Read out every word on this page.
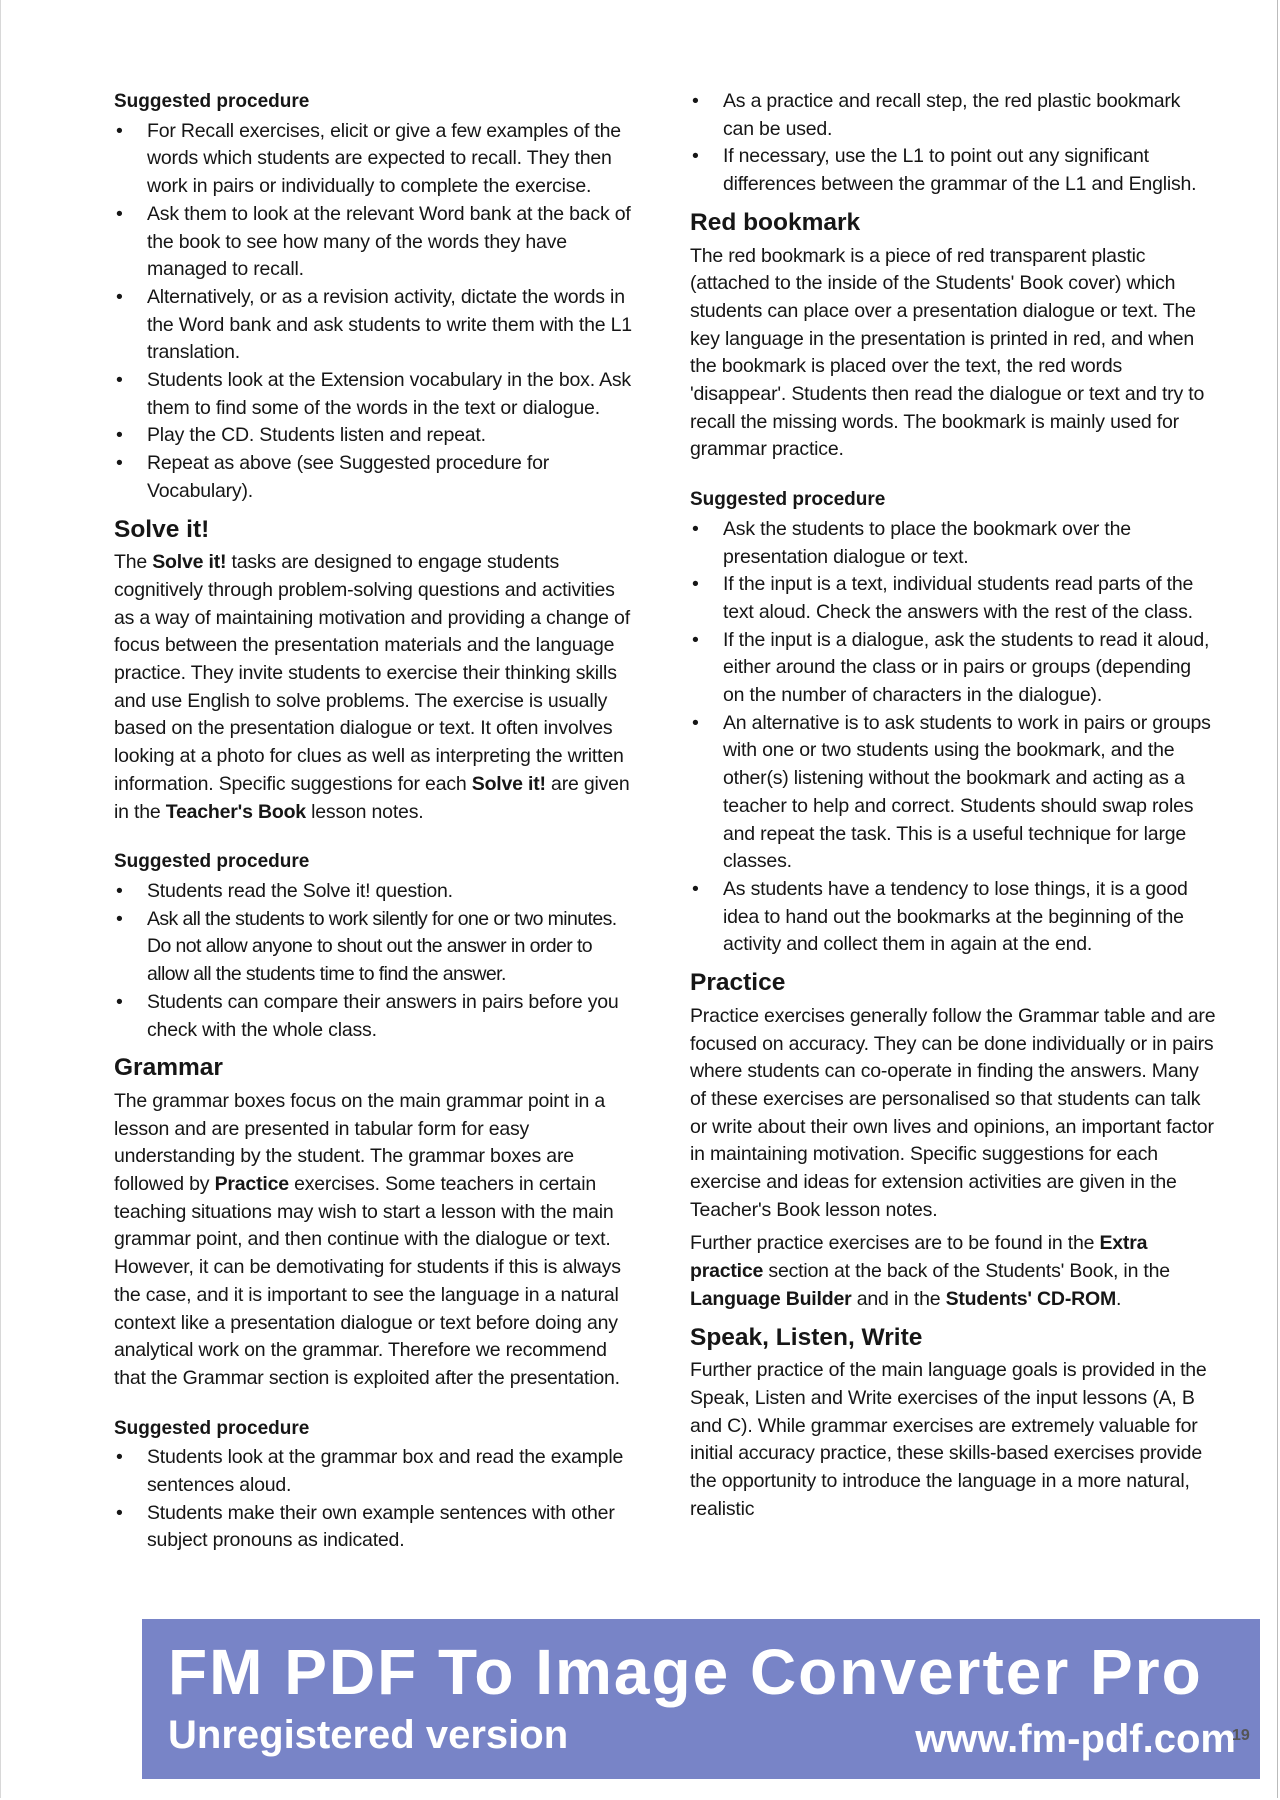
Suggested procedure
• For Recall exercises, elicit or give a few examples of the words which students are expected to recall. They then work in pairs or individually to complete the exercise.
• Ask them to look at the relevant Word bank at the back of the book to see how many of the words they have managed to recall.
• Alternatively, or as a revision activity, dictate the words in the Word bank and ask students to write them with the L1 translation.
• Students look at the Extension vocabulary in the box. Ask them to find some of the words in the text or dialogue.
• Play the CD. Students listen and repeat.
• Repeat as above (see Suggested procedure for Vocabulary).
Solve it!

The Solve it! tasks are designed to engage students cognitively through problem-solving questions and activities as a way of maintaining motivation and providing a change of focus between the presentation materials and the language practice. They invite students to exercise their thinking skills and use English to solve problems. The exercise is usually based on the presentation dialogue or text. It often involves looking at a photo for clues as well as interpreting the written information. Specific suggestions for each Solve it! are given in the Teacher's Book lesson notes.

Suggested procedure
• Students read the Solve it! question.
• Ask all the students to work silently for one or two minutes. Do not allow anyone to shout out the answer in order to allow all the students time to find the answer.
• Students can compare their answers in pairs before you check with the whole class.
Grammar

The grammar boxes focus on the main grammar point in a lesson and are presented in tabular form for easy understanding by the student. The grammar boxes are followed by Practice exercises. Some teachers in certain teaching situations may wish to start a lesson with the main grammar point, and then continue with the dialogue or text. However, it can be demotivating for students if this is always the case, and it is important to see the language in a natural context like a presentation dialogue or text before doing any analytical work on the grammar. Therefore we recommend that the Grammar section is exploited after the presentation.

Suggested procedure
• Students look at the grammar box and read the example sentences aloud.
• Students make their own example sentences with other subject pronouns as indicated.
• As a practice and recall step, the red plastic bookmark can be used.
• If necessary, use the L1 to point out any significant differences between the grammar of the L1 and English.
Red bookmark

The red bookmark is a piece of red transparent plastic (attached to the inside of the Students' Book cover) which students can place over a presentation dialogue or text. The key language in the presentation is printed in red, and when the bookmark is placed over the text, the red words 'disappear'. Students then read the dialogue or text and try to recall the missing words. The bookmark is mainly used for grammar practice.

Suggested procedure
• Ask the students to place the bookmark over the presentation dialogue or text.
• If the input is a text, individual students read parts of the text aloud. Check the answers with the rest of the class.
• If the input is a dialogue, ask the students to read it aloud, either around the class or in pairs or groups (depending on the number of characters in the dialogue).
• An alternative is to ask students to work in pairs or groups with one or two students using the bookmark, and the other(s) listening without the bookmark and acting as a teacher to help and correct. Students should swap roles and repeat the task. This is a useful technique for large classes.
• As students have a tendency to lose things, it is a good idea to hand out the bookmarks at the beginning of the activity and collect them in again at the end.
Practice

Practice exercises generally follow the Grammar table and are focused on accuracy. They can be done individually or in pairs where students can co-operate in finding the answers. Many of these exercises are personalised so that students can talk or write about their own lives and opinions, an important factor in maintaining motivation. Specific suggestions for each exercise and ideas for extension activities are given in the Teacher's Book lesson notes.

Further practice exercises are to be found in the Extra practice section at the back of the Students' Book, in the Language Builder and in the Students' CD-ROM.

Speak, Listen, Write

Further practice of the main language goals is provided in the Speak, Listen and Write exercises of the input lessons (A, B and C). While grammar exercises are extremely valuable for initial accuracy practice, these skills-based exercises provide the opportunity to introduce the language in a more natural, realistic

FM PDF To Image Converter Pro
Unregistered version	www.fm-pdf.com
19
